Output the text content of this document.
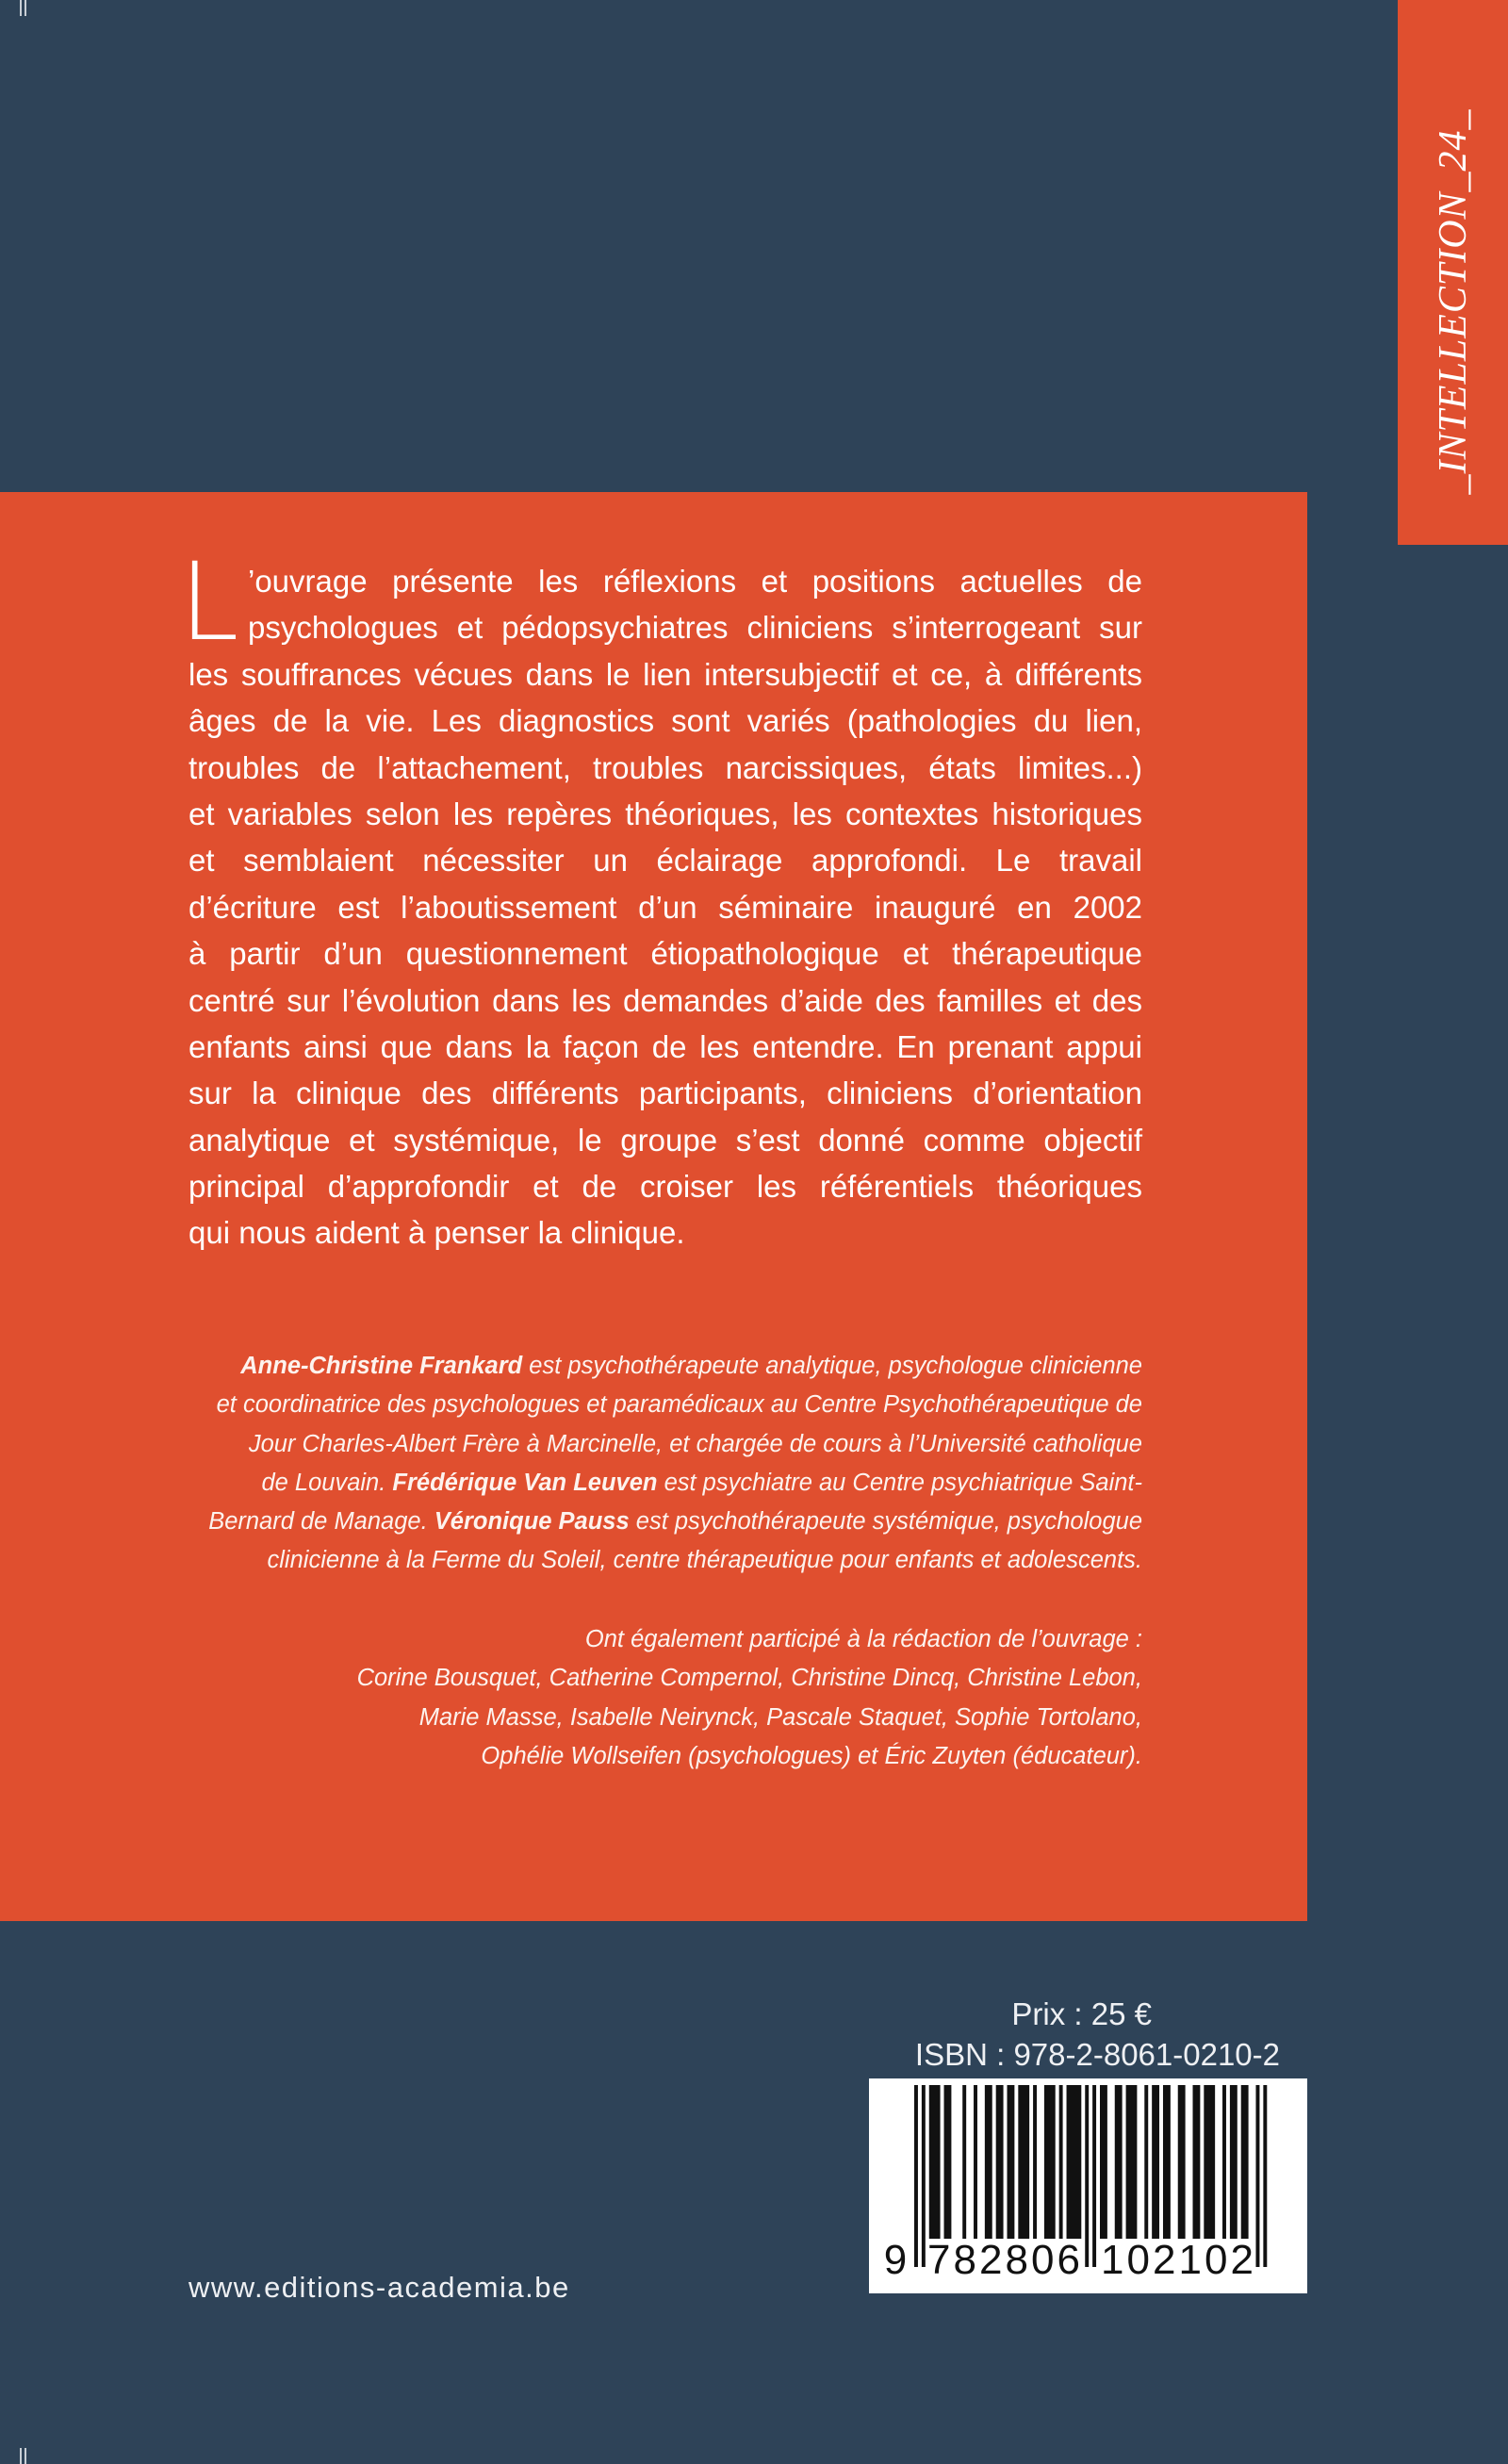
_INTELLECTION_24_
L ’ouvrage présente les réflexions et positions actuelles de
psychologues et pédopsychiatres cliniciens s’interrogeant sur
les souffrances vécues dans le lien intersubjectif et ce, à différents
âges de la vie. Les diagnostics sont variés (pathologies du lien,
troubles de l’attachement, troubles narcissiques, états limites...)
et variables selon les repères théoriques, les contextes historiques
et semblaient nécessiter un éclairage approfondi. Le travail
d’écriture est l’aboutissement d’un séminaire inauguré en 2002
à partir d’un questionnement étiopathologique et thérapeutique
centré sur l’évolution dans les demandes d’aide des familles et des
enfants ainsi que dans la façon de les entendre. En prenant appui
sur la clinique des différents participants, cliniciens d’orientation
analytique et systémique, le groupe s’est donné comme objectif
principal d’approfondir et de croiser les référentiels théoriques
qui nous aident à penser la clinique.
Anne-Christine Frankard est psychothérapeute analytique, psychologue clinicienne
et coordinatrice des psychologues et paramédicaux au Centre Psychothérapeutique de
Jour Charles-Albert Frère à Marcinelle, et chargée de cours à l’Université catholique
de Louvain. Frédérique Van Leuven est psychiatre au Centre psychiatrique Saint-
Bernard de Manage. Véronique Pauss est psychothérapeute systémique, psychologue
clinicienne à la Ferme du Soleil, centre thérapeutique pour enfants et adolescents.
Ont également participé à la rédaction de l’ouvrage :
Corine Bousquet, Catherine Compernol, Christine Dincq, Christine Lebon,
Marie Masse, Isabelle Neirynck, Pascale Staquet, Sophie Tortolano,
Ophélie Wollseifen (psychologues) et Éric Zuyten (éducateur).
Prix : 25 €
ISBN : 978-2-8061-0210-2
9 782806 102102
www.editions-academia.be
